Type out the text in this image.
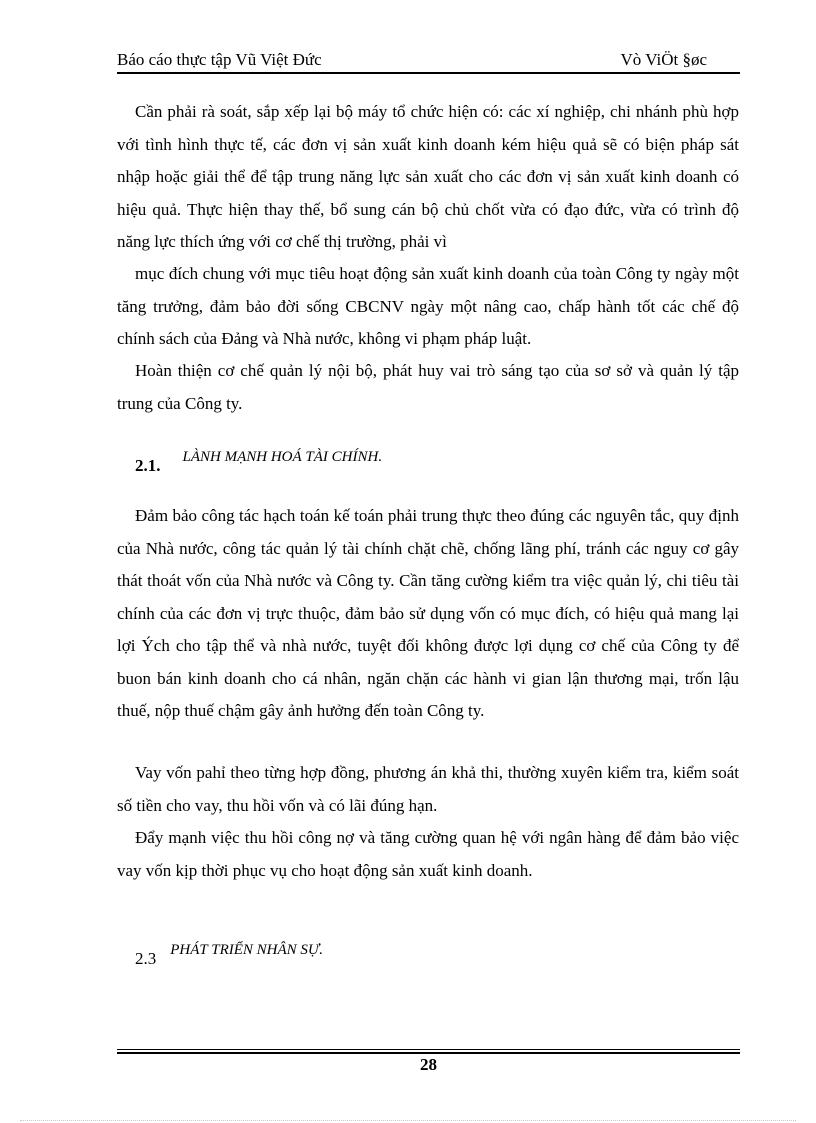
Báo cáo thực tập Vũ Việt Đức	Vò ViÖt §øc

Cần phải rà soát, sắp xếp lại bộ máy tổ chức hiện có: các xí nghiệp, chi nhánh phù hợp với tình hình thực tế, các đơn vị sản xuất kinh doanh kém hiệu quả sẽ có biện pháp sát nhập hoặc giải thể để tập trung năng lực sản xuất cho các đơn vị sản xuất kinh doanh có hiệu quả. Thực hiện thay thế, bổ sung cán bộ chủ chốt vừa có đạo đức, vừa có trình độ năng lực thích ứng với cơ chế thị trường, phải vì

mục đích chung với mục tiêu hoạt động sản xuất kinh doanh của toàn Công ty ngày một tăng trưởng, đảm bảo đời sống CBCNV ngày một nâng cao, chấp hành tốt các chế độ chính sách của Đảng và Nhà nước, không vi phạm pháp luật.

Hoàn thiện cơ chế quản lý nội bộ, phát huy vai trò sáng tạo của sơ sở và quản lý tập trung của Công ty.

2.1. LÀNH MẠNH HOÁ TÀI CHÍNH.

Đảm bảo công tác hạch toán kế toán phải trung thực theo đúng các nguyên tắc, quy định của Nhà nước, công tác quản lý tài chính chặt chẽ, chống lãng phí, tránh các nguy cơ gây thát thoát vốn của Nhà nước và Công ty. Cần tăng cường kiểm tra việc quản lý, chi tiêu tài chính của các đơn vị trực thuộc, đảm bảo sử dụng vốn có mục đích, có hiệu quả mang lại lợi Ých cho tập thể và nhà nước, tuyệt đối không được lợi dụng cơ chế của Công ty để buon bán kinh doanh cho cá nhân, ngăn chặn các hành vi gian lận thương mại, trốn lậu thuế, nộp thuế chậm gây ảnh hưởng đến toàn Công ty.

Vay vốn pahỉ theo từng hợp đồng, phương án khả thi, thường xuyên kiểm tra, kiểm soát số tiền cho vay, thu hồi vốn và có lãi đúng hạn.

Đẩy mạnh việc thu hồi công nợ và tăng cường quan hệ với ngân hàng để đảm bảo việc vay vốn kịp thời phục vụ cho hoạt động sản xuất kinh doanh.

2.3 PHÁT TRIỂN NHÂN SỰ.
28
